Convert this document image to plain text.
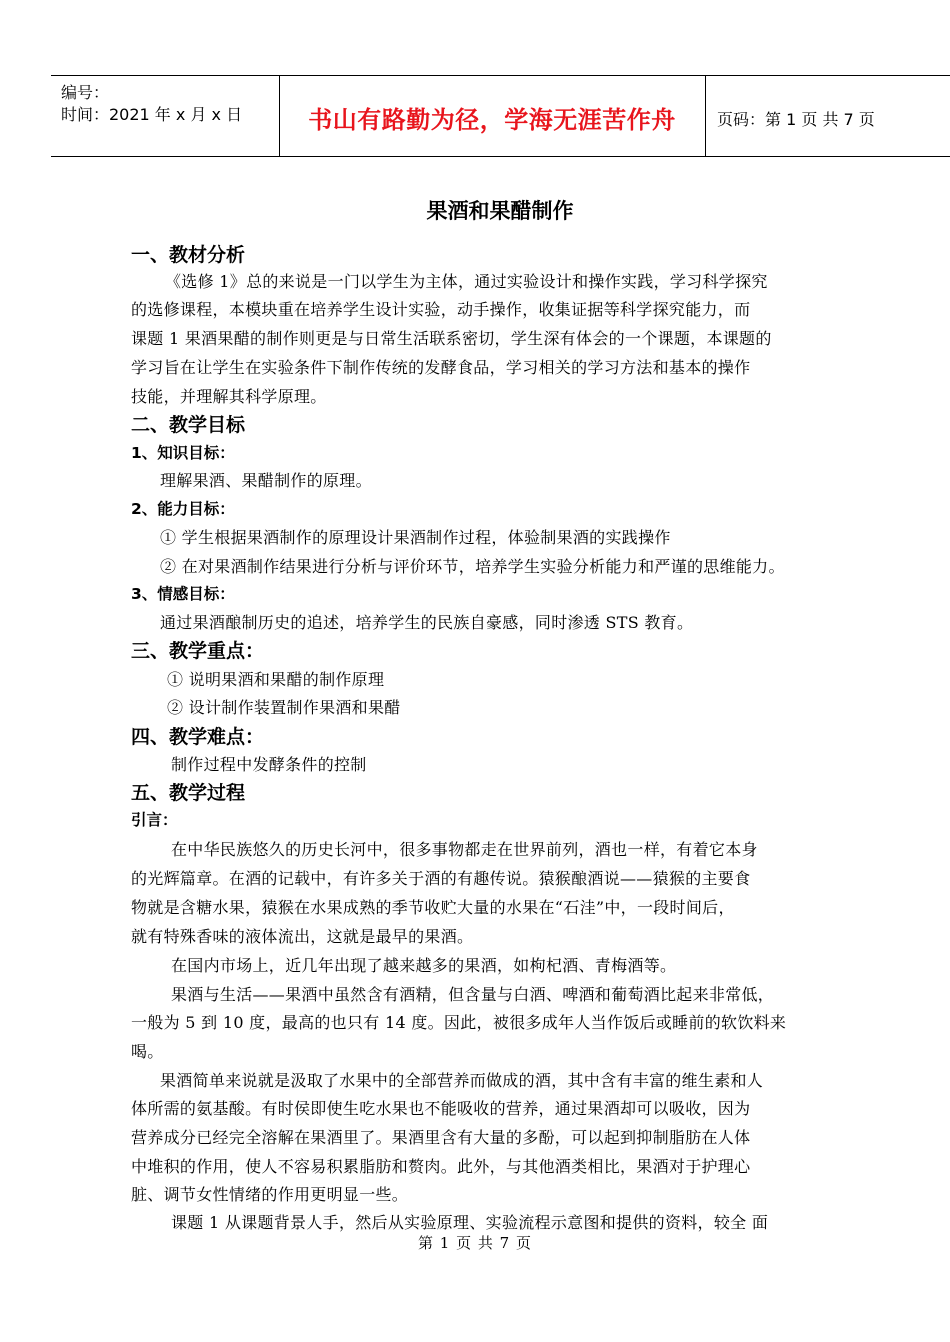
编号：
时间：2021 年 x 月 x 日	书山有路勤为径，学海无涯苦作舟	页码：第 1 页 共 7 页
果酒和果醋制作
一、教材分析
《选修 1》总的来说是一门以学生为主体，通过实验设计和操作实践，学习科学探究
的选修课程，本模块重在培养学生设计实验，动手操作，收集证据等科学探究能力，而
课题 1 果酒果醋的制作则更是与日常生活联系密切，学生深有体会的一个课题，本课题的
学习旨在让学生在实验条件下制作传统的发酵食品，学习相关的学习方法和基本的操作
技能，并理解其科学原理。
二、教学目标
1、知识目标：
理解果酒、果醋制作的原理。
2、能力目标：
① 学生根据果酒制作的原理设计果酒制作过程，体验制果酒的实践操作
② 在对果酒制作结果进行分析与评价环节，培养学生实验分析能力和严谨的思维能力。
3、情感目标：
通过果酒酿制历史的追述，培养学生的民族自豪感，同时渗透 STS 教育。
三、教学重点：
① 说明果酒和果醋的制作原理
② 设计制作装置制作果酒和果醋
四、教学难点：
制作过程中发酵条件的控制
五、教学过程
引言：
在中华民族悠久的历史长河中，很多事物都走在世界前列，酒也一样，有着它本身
的光辉篇章。在酒的记载中，有许多关于酒的有趣传说。猿猴酿酒说——猿猴的主要食
物就是含糖水果，猿猴在水果成熟的季节收贮大量的水果在“石洼”中，一段时间后，
就有特殊香味的液体流出，这就是最早的果酒。
在国内市场上，近几年出现了越来越多的果酒，如枸杞酒、青梅酒等。
果酒与生活——果酒中虽然含有酒精，但含量与白酒、啤酒和葡萄酒比起来非常低，
一般为 5 到 10 度，最高的也只有 14 度。因此，被很多成年人当作饭后或睡前的软饮料来
喝。
果酒简单来说就是汲取了水果中的全部营养而做成的酒，其中含有丰富的维生素和人
体所需的氨基酸。有时侯即使生吃水果也不能吸收的营养，通过果酒却可以吸收，因为
营养成分已经完全溶解在果酒里了。果酒里含有大量的多酚，可以起到抑制脂肪在人体
中堆积的作用，使人不容易积累脂肪和赘肉。此外，与其他酒类相比，果酒对于护理心
脏、调节女性情绪的作用更明显一些。
课题 1 从课题背景人手，然后从实验原理、实验流程示意图和提供的资料，较全 面
第 1 页 共 7 页
